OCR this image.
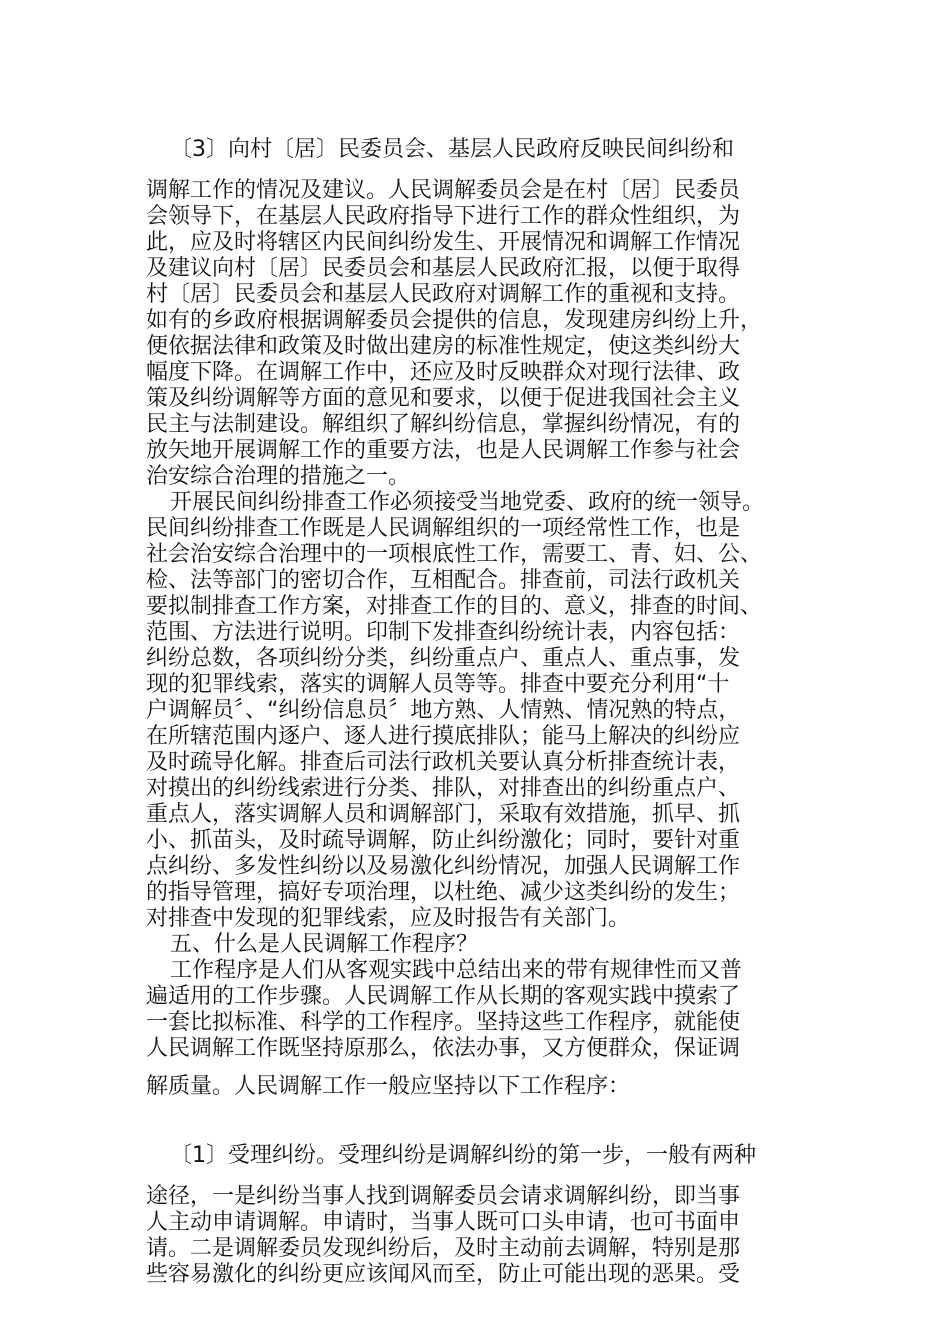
〔3〕向村〔居〕民委员会、基层人民政府反映民间纠纷和

调解工作的情况及建议。人民调解委员会是在村〔居〕民委员
会领导下，在基层人民政府指导下进行工作的群众性组织，为
此，应及时将辖区内民间纠纷发生、开展情况和调解工作情况
及建议向村〔居〕民委员会和基层人民政府汇报，以便于取得
村〔居〕民委员会和基层人民政府对调解工作的重视和支持。
如有的乡政府根据调解委员会提供的信息，发现建房纠纷上升，
便依据法律和政策及时做出建房的标准性规定，使这类纠纷大
幅度下降。在调解工作中，还应及时反映群众对现行法律、政
策及纠纷调解等方面的意见和要求，以便于促进我国社会主义
民主与法制建设。解组织了解纠纷信息，掌握纠纷情况，有的
放矢地开展调解工作的重要方法，也是人民调解工作参与社会
治安综合治理的措施之一。

开展民间纠纷排查工作必须接受当地党委、政府的统一领导。
民间纠纷排查工作既是人民调解组织的一项经常性工作，也是
社会治安综合治理中的一项根底性工作，需要工、青、妇、公、
检、法等部门的密切合作，互相配合。排查前，司法行政机关
要拟制排查工作方案，对排查工作的目的、意义，排查的时间、
范围、方法进行说明。印制下发排查纠纷统计表，内容包括：
纠纷总数，各项纠纷分类，纠纷重点户、重点人、重点事，发
现的犯罪线索，落实的调解人员等等。排查中要充分利用“十
户调解员〞、“纠纷信息员〞地方熟、人情熟、情况熟的特点，
在所辖范围内逐户、逐人进行摸底排队；能马上解决的纠纷应
及时疏导化解。排查后司法行政机关要认真分析排查统计表，
对摸出的纠纷线索进行分类、排队，对排查出的纠纷重点户、
重点人，落实调解人员和调解部门，采取有效措施，抓早、抓
小、抓苗头，及时疏导调解，防止纠纷激化；同时，要针对重
点纠纷、多发性纠纷以及易激化纠纷情况，加强人民调解工作
的指导管理，搞好专项治理，以杜绝、减少这类纠纷的发生；
对排查中发现的犯罪线索，应及时报告有关部门。

五、什么是人民调解工作程序？

工作程序是人们从客观实践中总结出来的带有规律性而又普
遍适用的工作步骤。人民调解工作从长期的客观实践中摸索了
一套比拟标准、科学的工作程序。坚持这些工作程序，就能使
人民调解工作既坚持原那么，依法办事，又方便群众，保证调

解质量。人民调解工作一般应坚持以下工作程序：

〔1〕受理纠纷。受理纠纷是调解纠纷的第一步，一般有两种

途径，一是纠纷当事人找到调解委员会请求调解纠纷，即当事
人主动申请调解。申请时，当事人既可口头申请，也可书面申
请。二是调解委员发现纠纷后，及时主动前去调解，特别是那
些容易激化的纠纷更应该闻风而至，防止可能出现的恶果。受
